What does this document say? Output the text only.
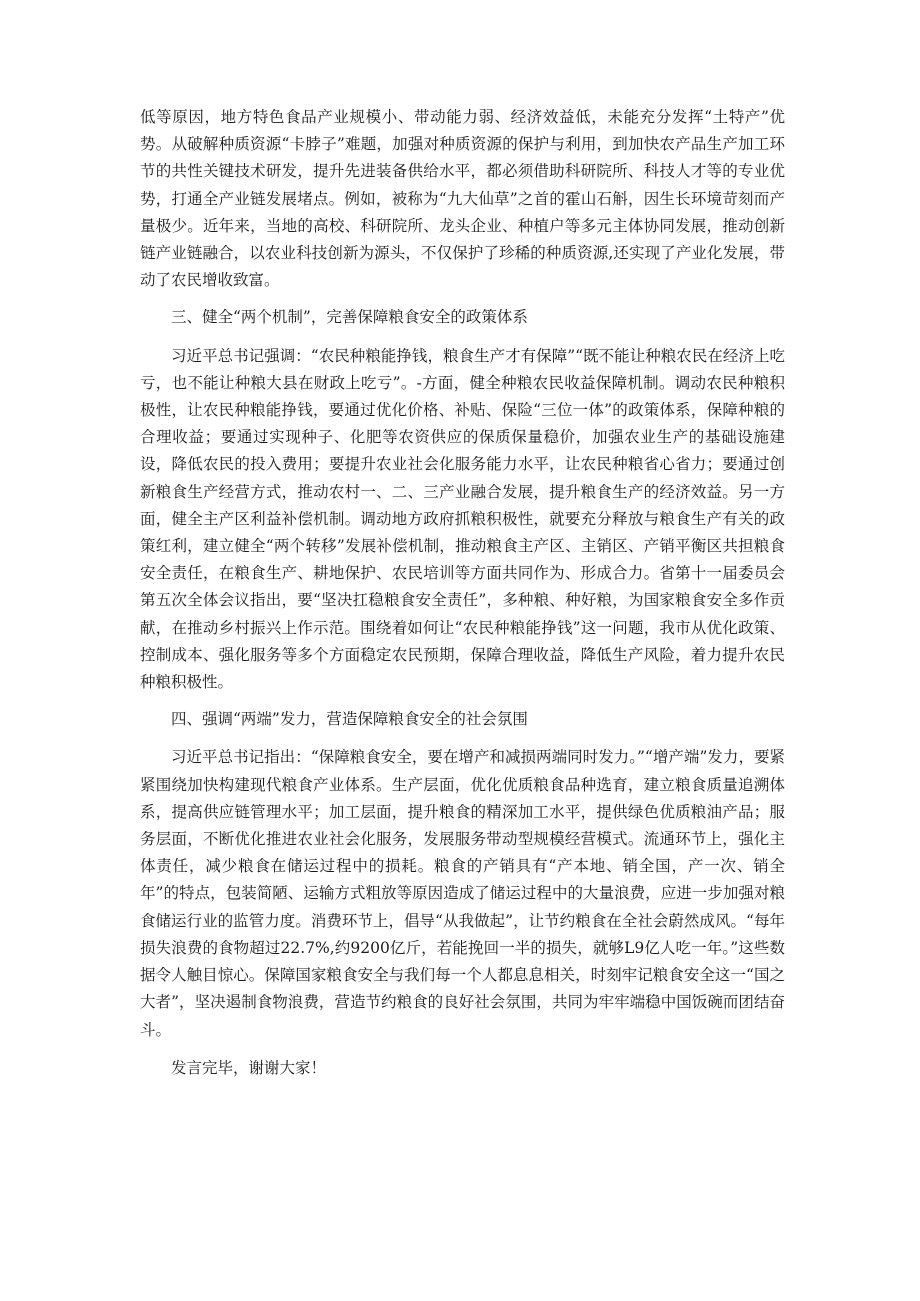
低等原因，地方特色食品产业规模小、带动能力弱、经济效益低，未能充分发挥“土特产”优势。从破解种质资源“卡脖子”难题，加强对种质资源的保护与利用，到加快农产品生产加工环节的共性关键技术研发，提升先进装备供给水平，都必须借助科研院所、科技人才等的专业优势，打通全产业链发展堵点。例如，被称为“九大仙草”之首的霍山石斛，因生长环境苛刻而产量极少。近年来，当地的高校、科研院所、龙头企业、种植户等多元主体协同发展，推动创新链产业链融合，以农业科技创新为源头，不仅保护了珍稀的种质资源,还实现了产业化发展，带动了农民增收致富。

三、健全“两个机制”，完善保障粮食安全的政策体系

习近平总书记强调：“农民种粮能挣钱，粮食生产才有保障”“既不能让种粮农民在经济上吃亏，也不能让种粮大县在财政上吃亏”。-方面，健全种粮农民收益保障机制。调动农民种粮积极性，让农民种粮能挣钱，要通过优化价格、补贴、保险“三位一体”的政策体系，保障种粮的合理收益；要通过实现种子、化肥等农资供应的保质保量稳价，加强农业生产的基础设施建设，降低农民的投入费用；要提升农业社会化服务能力水平，让农民种粮省心省力；要通过创新粮食生产经营方式，推动农村一、二、三产业融合发展，提升粮食生产的经济效益。另一方面，健全主产区利益补偿机制。调动地方政府抓粮积极性，就要充分释放与粮食生产有关的政策红利，建立健全“两个转移”发展补偿机制，推动粮食主产区、主销区、产销平衡区共担粮食安全责任，在粮食生产、耕地保护、农民培训等方面共同作为、形成合力。省第十一届委员会第五次全体会议指出，要“坚决扛稳粮食安全责任”，多种粮、种好粮，为国家粮食安全多作贡献，在推动乡村振兴上作示范。围绕着如何让“农民种粮能挣钱”这一问题，我市从优化政策、控制成本、强化服务等多个方面稳定农民预期，保障合理收益，降低生产风险，着力提升农民种粮积极性。

四、强调“两端”发力，营造保障粮食安全的社会氛围

习近平总书记指出：“保障粮食安全，要在增产和减损两端同时发力。”“增产端”发力，要紧紧围绕加快构建现代粮食产业体系。生产层面，优化优质粮食品种选育，建立粮食质量追溯体系，提高供应链管理水平；加工层面，提升粮食的精深加工水平，提供绿色优质粮油产品；服务层面，不断优化推进农业社会化服务，发展服务带动型规模经营模式。流通环节上，强化主体责任，减少粮食在储运过程中的损耗。粮食的产销具有“产本地、销全国，产一次、销全年”的特点，包装简陋、运输方式粗放等原因造成了储运过程中的大量浪费，应进一步加强对粮食储运行业的监管力度。消费环节上，倡导“从我做起”，让节约粮食在全社会蔚然成风。“每年损失浪费的食物超过22.7%,约9200亿斤，若能挽回一半的损失，就够L9亿人吃一年。”这些数据令人触目惊心。保障国家粮食安全与我们每一个人都息息相关，时刻牢记粮食安全这一“国之大者”，坚决遏制食物浪费，营造节约粮食的良好社会氛围，共同为牢牢端稳中国饭碗而团结奋斗。

发言完毕，谢谢大家！
